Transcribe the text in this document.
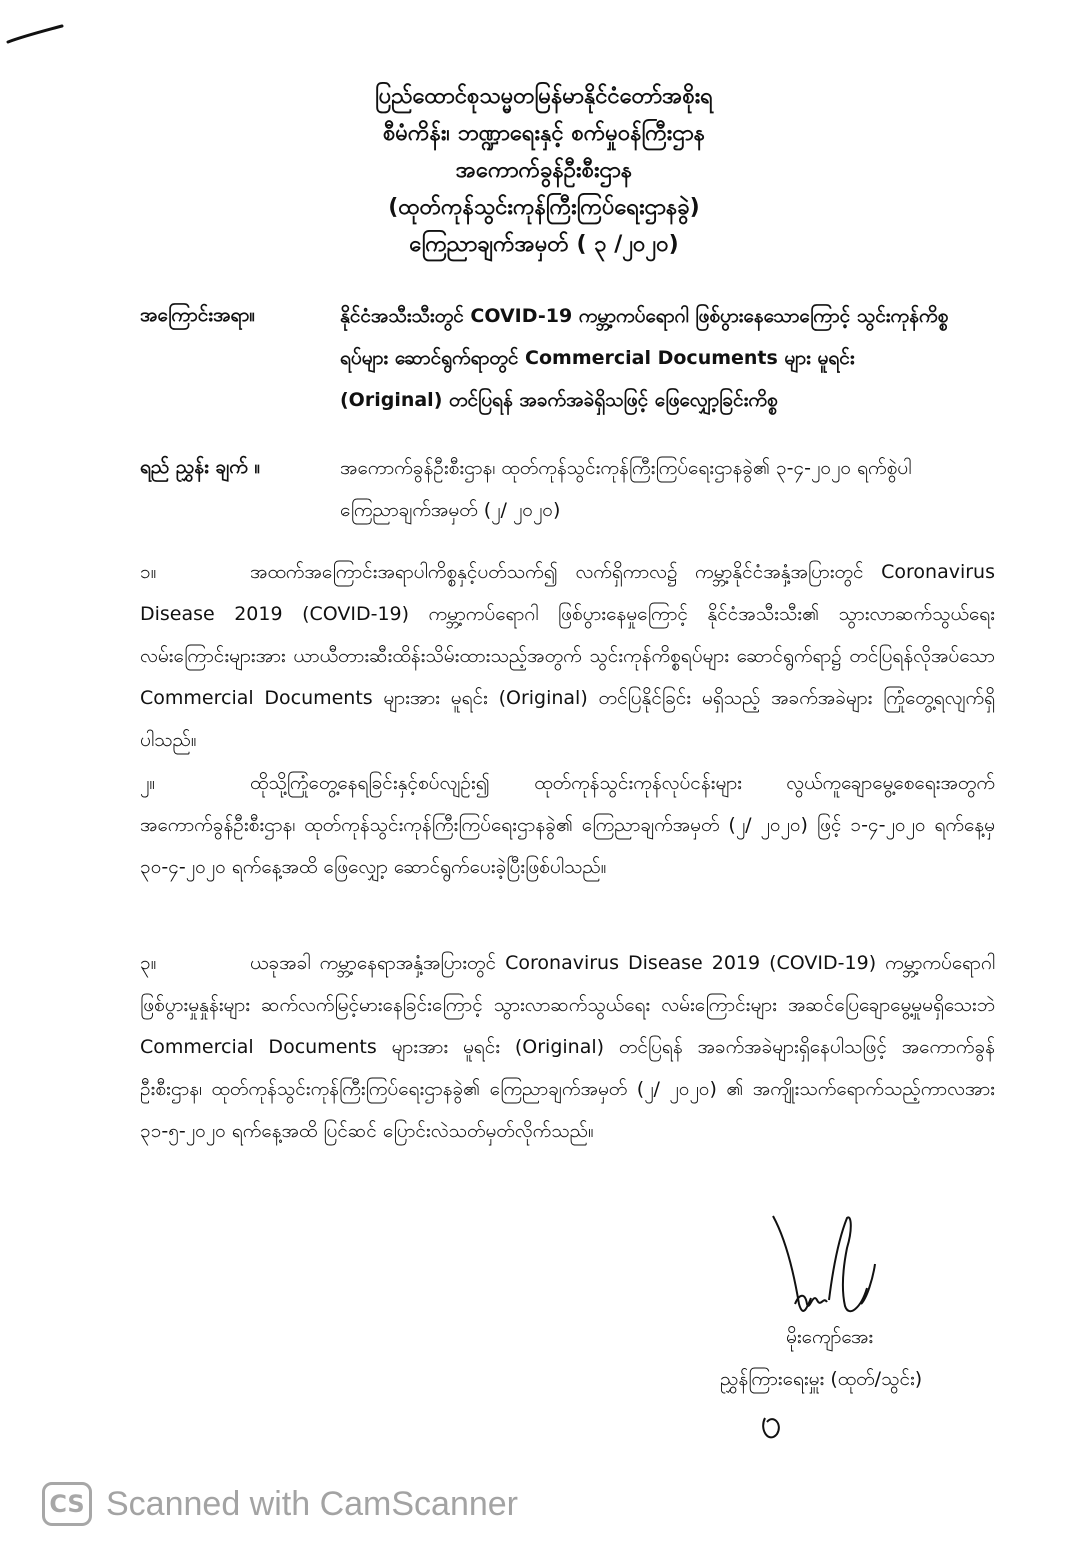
ပြည်ထောင်စုသမ္မတမြန်မာနိုင်ငံတော်အစိုးရ
စီမံကိန်း၊ ဘဏ္ဍာရေးနှင့် စက်မှုဝန်ကြီးဌာန
အကောက်ခွန်ဦးစီးဌာန
(ထုတ်ကုန်သွင်းကုန်ကြီးကြပ်ရေးဌာနခွဲ)
ကြေညာချက်အမှတ် ( ၃ /၂၀၂၀)
အကြောင်းအရာ။	နိုင်ငံအသီးသီးတွင် COVID-19 ကမ္ဘာ့ကပ်ရောဂါ ဖြစ်ပွားနေသောကြောင့် သွင်းကုန်ကိစ္စရပ်များ ဆောင်ရွက်ရာတွင် Commercial Documents များ မူရင်း (Original) တင်ပြရန် အခက်အခဲရှိသဖြင့် ဖြေလျှော့ခြင်းကိစ္စ
ရည် ညွှန်း ချက် ။	အကောက်ခွန်ဦးစီးဌာန၊ ထုတ်ကုန်သွင်းကုန်ကြီးကြပ်ရေးဌာနခွဲ၏ ၃-၄-၂၀၂၀ ရက်စွဲပါ ကြေညာချက်အမှတ် (၂/ ၂၀၂၀)
၁။	အထက်အကြောင်းအရာပါကိစ္စနှင့်ပတ်သက်၍ လက်ရှိကာလ၌ ကမ္ဘာ့နိုင်ငံအနှံ့အပြားတွင် Coronavirus Disease 2019 (COVID-19) ကမ္ဘာ့ကပ်ရောဂါ ဖြစ်ပွားနေမှုကြောင့် နိုင်ငံအသီးသီး၏ သွားလာဆက်သွယ်ရေးလမ်းကြောင်းများအား ယာယီတားဆီးထိန်းသိမ်းထားသည့်အတွက် သွင်းကုန်ကိစ္စရပ်များ ဆောင်ရွက်ရာ၌ တင်ပြရန်လိုအပ်သော Commercial Documents များအား မူရင်း (Original) တင်ပြနိုင်ခြင်း မရှိသည့် အခက်အခဲများ ကြုံတွေ့ရလျက်ရှိပါသည်။
၂။	ထိုသို့ကြုံတွေ့နေရခြင်းနှင့်စပ်လျဉ်း၍ ထုတ်ကုန်သွင်းကုန်လုပ်ငန်းများ လွယ်ကူချောမွေ့စေရေးအတွက် အကောက်ခွန်ဦးစီးဌာန၊ ထုတ်ကုန်သွင်းကုန်ကြီးကြပ်ရေးဌာနခွဲ၏ ကြေညာချက်အမှတ် (၂/ ၂၀၂၀) ဖြင့် ၁-၄-၂၀၂၀ ရက်နေ့မှ ၃၀-၄-၂၀၂၀ ရက်နေ့အထိ ဖြေလျှော့ ဆောင်ရွက်ပေးခဲ့ပြီးဖြစ်ပါသည်။
၃။	ယခုအခါ ကမ္ဘာ့နေရာအနှံ့အပြားတွင် Coronavirus Disease 2019 (COVID-19) ကမ္ဘာ့ကပ်ရောဂါ ဖြစ်ပွားမှုနှုန်းများ ဆက်လက်မြင့်မားနေခြင်းကြောင့် သွားလာဆက်သွယ်ရေး လမ်းကြောင်းများ အဆင်ပြေချောမွေ့မှုမရှိသေးဘဲ Commercial Documents များအား မူရင်း (Original) တင်ပြရန် အခက်အခဲများရှိနေပါသဖြင့် အကောက်ခွန်ဦးစီးဌာန၊ ထုတ်ကုန်သွင်းကုန်ကြီးကြပ်ရေးဌာနခွဲ၏ ကြေညာချက်အမှတ် (၂/ ၂၀၂၀) ၏ အကျိုးသက်ရောက်သည့်ကာလအား ၃၁-၅-၂၀၂၀ ရက်နေ့အထိ ပြင်ဆင် ပြောင်းလဲသတ်မှတ်လိုက်သည်။
မိုးကျော်အေး
ညွှန်ကြားရေးမှူး (ထုတ်/သွင်း)
CS Scanned with CamScanner
